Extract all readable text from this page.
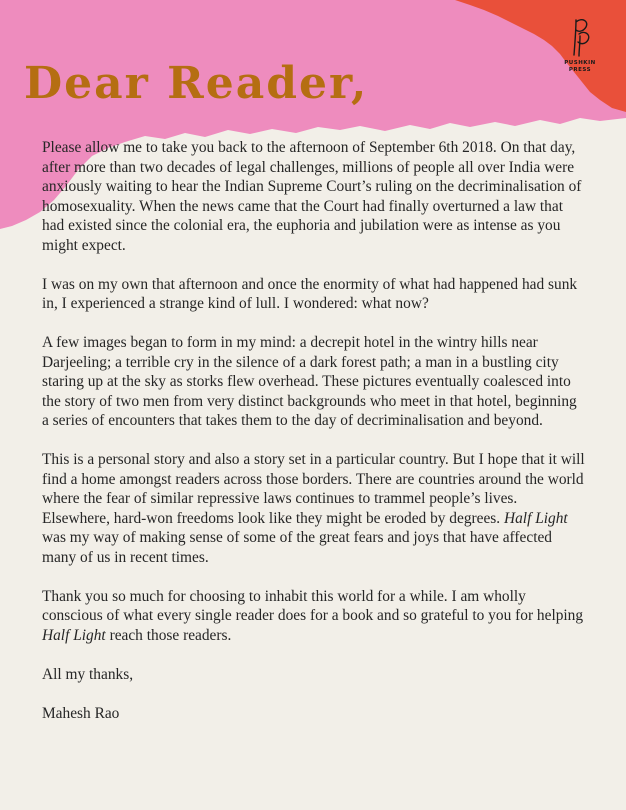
Dear Reader,	PUSHKIN
PRESS

Please allow me to take you back to the afternoon of September 6th 2018. On that day, after more than two decades of legal challenges, millions of people all over India were anxiously waiting to hear the Indian Supreme Court’s ruling on the decriminalisation of homosexuality. When the news came that the Court had finally overturned a law that had existed since the colonial era, the euphoria and jubilation were as intense as you might expect.

I was on my own that afternoon and once the enormity of what had happened had sunk in, I experienced a strange kind of lull. I wondered: what now?

A few images began to form in my mind: a decrepit hotel in the wintry hills near Darjeeling; a terrible cry in the silence of a dark forest path; a man in a bustling city staring up at the sky as storks flew overhead. These pictures eventually coalesced into the story of two men from very distinct backgrounds who meet in that hotel, beginning a series of encounters that takes them to the day of decriminalisation and beyond.

This is a personal story and also a story set in a particular country. But I hope that it will find a home amongst readers across those borders. There are countries around the world where the fear of similar repressive laws continues to trammel people’s lives. Elsewhere, hard-won freedoms look like they might be eroded by degrees. Half Light was my way of making sense of some of the great fears and joys that have affected many of us in recent times.

Thank you so much for choosing to inhabit this world for a while. I am wholly conscious of what every single reader does for a book and so grateful to you for helping Half Light reach those readers.

All my thanks,

Mahesh Rao
